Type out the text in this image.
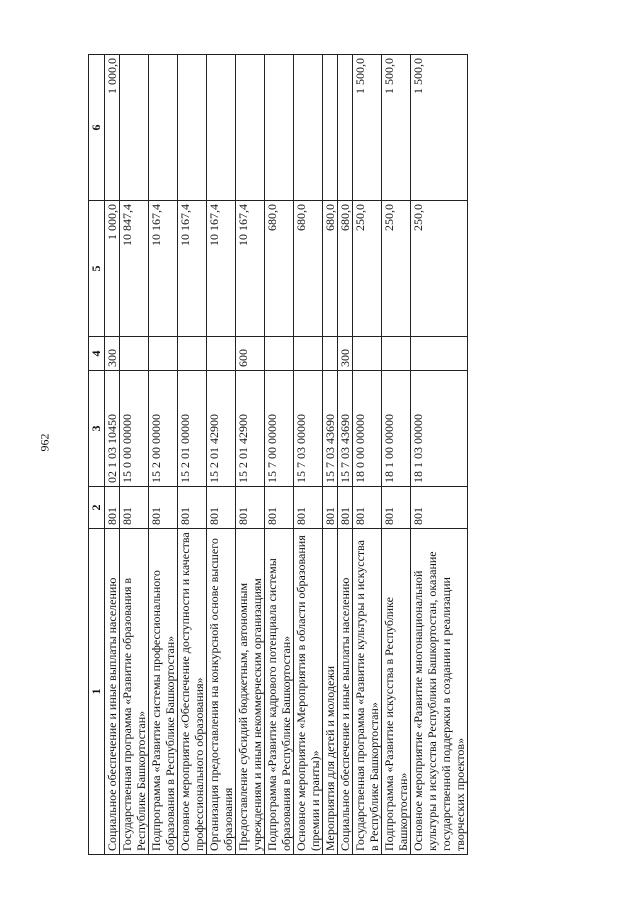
962
1	2	3	4	5	6
Социальное обеспечение и иные выплаты населению	801	02 1 03 10450	300	1 000,0	1 000,0
Государственная программа «Развитие образования в Республике Башкортостан»	801	15 0 00 00000		10 847,4	
Подпрограмма «Развитие системы профессионального образования в Республике Башкортостан»	801	15 2 00 00000		10 167,4	
Основное мероприятие «Обеспечение доступности и качества профессионального образования»	801	15 2 01 00000		10 167,4	
Организация предоставления на конкурсной основе высшего образования	801	15 2 01 42900		10 167,4	
Предоставление субсидий бюджетным, автономным учреждениям и иным некоммерческим организациям	801	15 2 01 42900	600	10 167,4	
Подпрограмма «Развитие кадрового потенциала системы образования в Республике Башкортостан»	801	15 7 00 00000		680,0	
Основное мероприятие «Мероприятия в области образования (премии и гранты)»	801	15 7 03 00000		680,0	
Мероприятия для детей и молодежи	801	15 7 03 43690		680,0	
Социальное обеспечение и иные выплаты населению	801	15 7 03 43690	300	680,0	
Государственная программа «Развитие культуры и искусства в Республике Башкортостан»	801	18 0 00 00000		250,0	1 500,0
Подпрограмма «Развитие искусства в Республике Башкортостан»	801	18 1 00 00000		250,0	1 500,0
Основное мероприятие «Развитие многонациональной культуры и искусства Республики Башкортостан, оказание государственной поддержки в создании и реализации творческих проектов»	801	18 1 03 00000		250,0	1 500,0
